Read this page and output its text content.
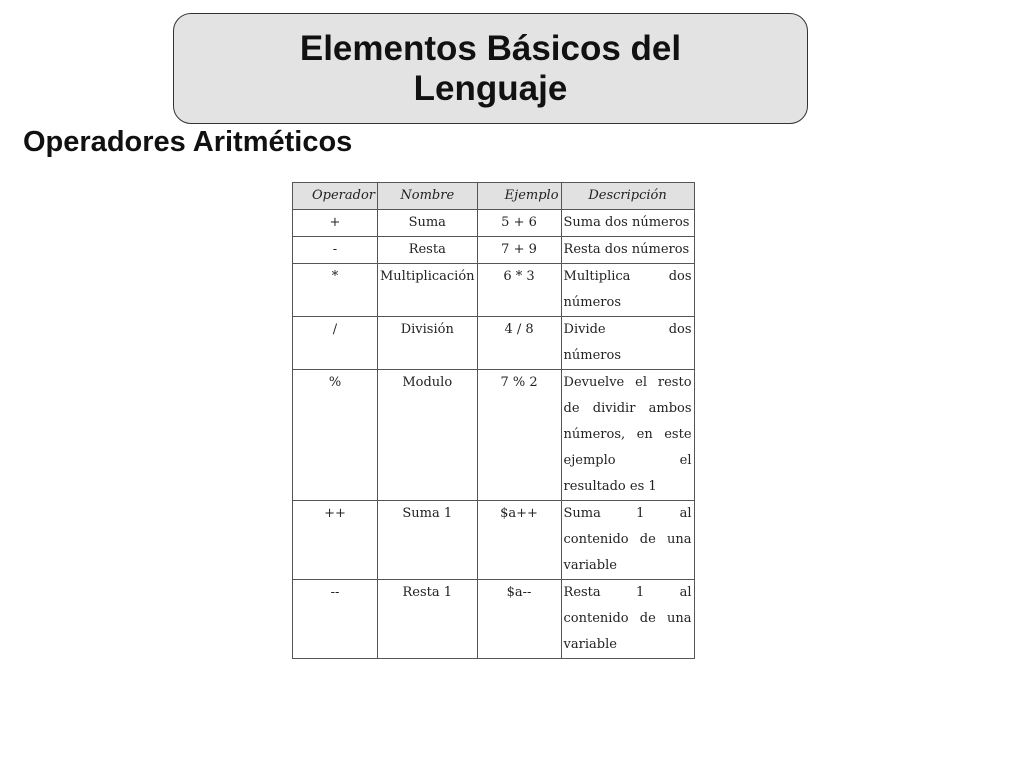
Elementos Básicos del Lenguaje
Operadores Aritméticos
Operador	Nombre	Ejemplo	Descripción
+	Suma	5 + 6	Suma dos números
-	Resta	7 + 9	Resta dos números
*	Multiplicación	6 * 3	Multiplica dos números
/	División	4 / 8	Divide dos números
%	Modulo	7 % 2	Devuelve el resto de dividir ambos números, en este ejemplo el resultado es 1
++	Suma 1	$a++	Suma 1 al contenido de una variable
--	Resta 1	$a--	Resta 1 al contenido de una variable
